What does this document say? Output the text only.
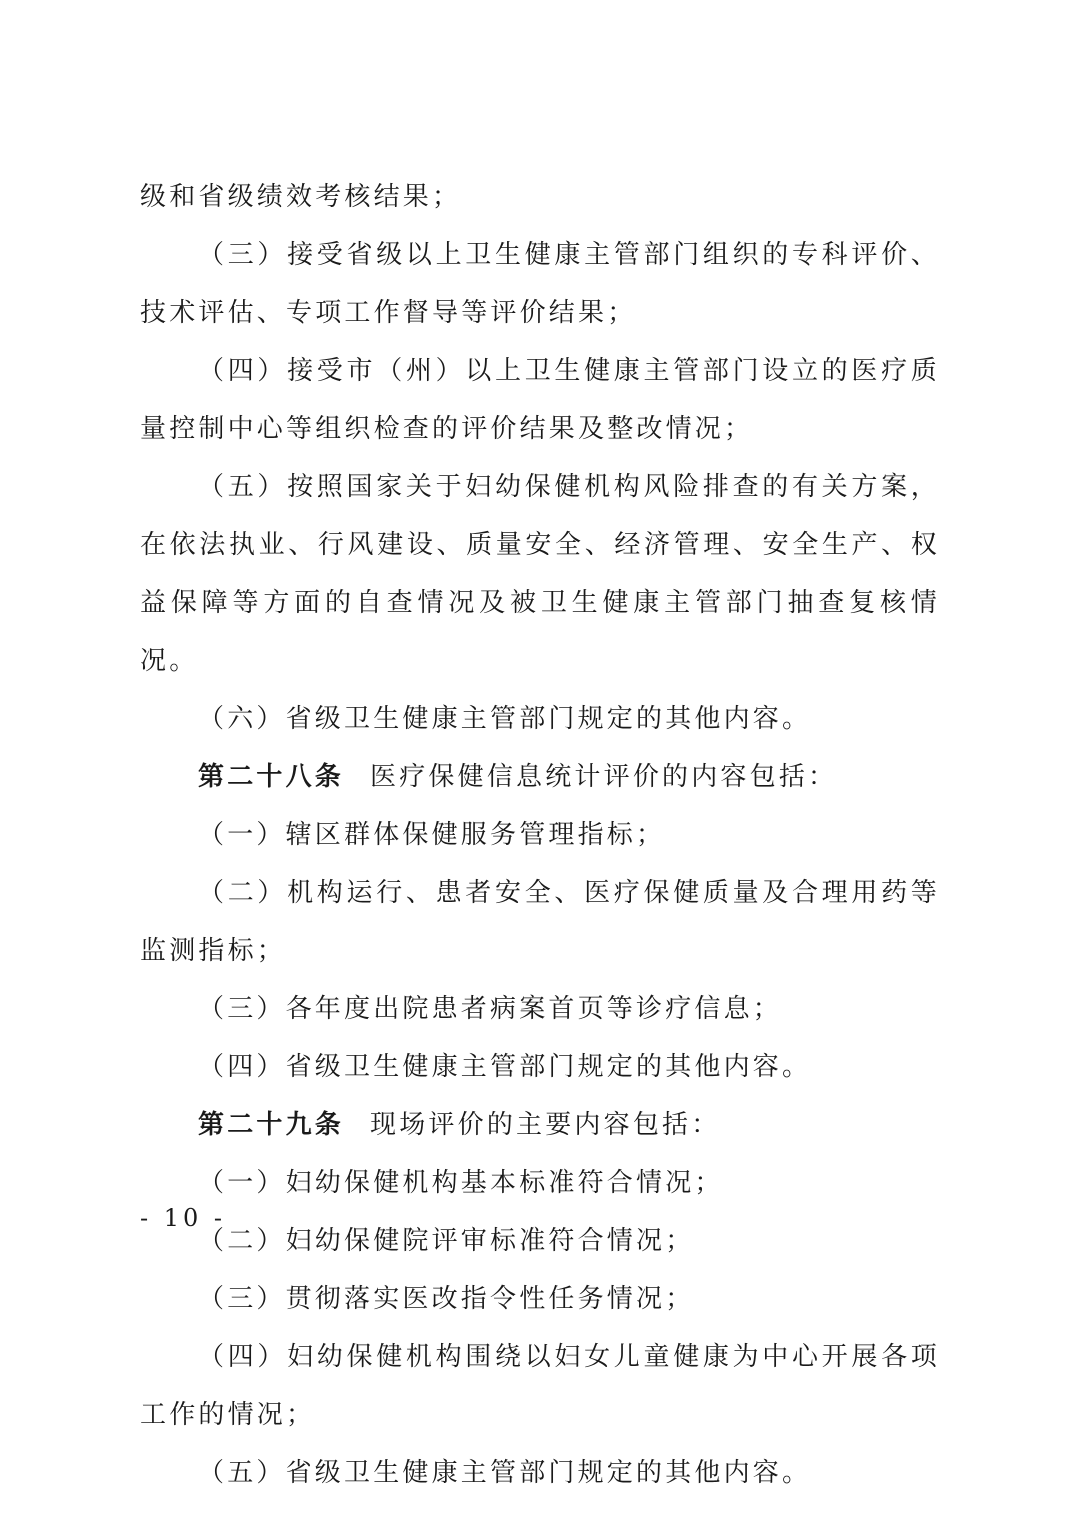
级和省级绩效考核结果；

（三）接受省级以上卫生健康主管部门组织的专科评价、技术评估、专项工作督导等评价结果；

（四）接受市（州）以上卫生健康主管部门设立的医疗质量控制中心等组织检查的评价结果及整改情况；

（五）按照国家关于妇幼保健机构风险排查的有关方案，在依法执业、行风建设、质量安全、经济管理、安全生产、权益保障等方面的自查情况及被卫生健康主管部门抽查复核情况。

（六）省级卫生健康主管部门规定的其他内容。

第二十八条 医疗保健信息统计评价的内容包括：

（一）辖区群体保健服务管理指标；

（二）机构运行、患者安全、医疗保健质量及合理用药等监测指标；

（三）各年度出院患者病案首页等诊疗信息；

（四）省级卫生健康主管部门规定的其他内容。

第二十九条 现场评价的主要内容包括：

（一）妇幼保健机构基本标准符合情况；

（二）妇幼保健院评审标准符合情况；

（三）贯彻落实医改指令性任务情况；

（四）妇幼保健机构围绕以妇女儿童健康为中心开展各项工作的情况；

（五）省级卫生健康主管部门规定的其他内容。

- 10 -
